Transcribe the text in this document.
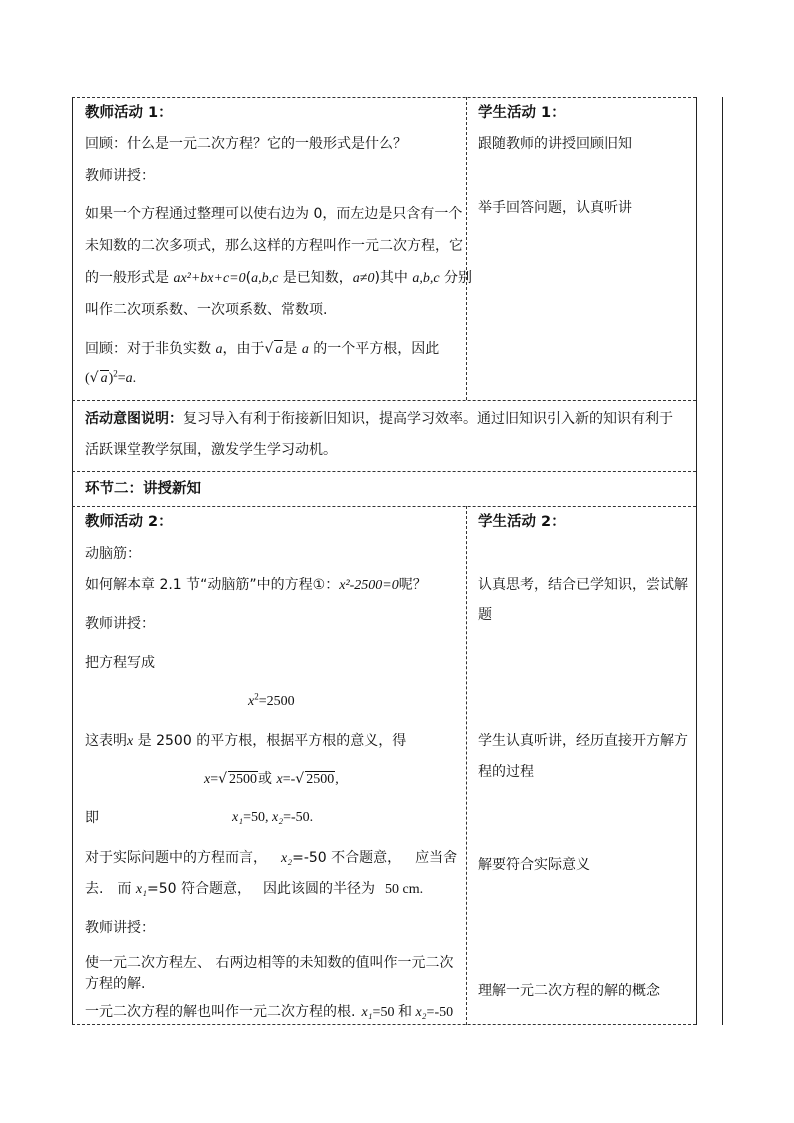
教师活动 1：
回顾：什么是一元二次方程？它的一般形式是什么？
教师讲授：
如果一个方程通过整理可以使右边为 0，而左边是只含有一个
未知数的二次多项式，那么这样的方程叫作一元二次方程，它
的一般形式是 ax²+bx+c=0(a,b,c 是已知数，a≠0)其中 a,b,c 分别
叫作二次项系数、一次项系数、常数项.
回顾：对于非负实数 a，由于√ a是 a 的一个平方根，因此
(√ a)$^2$=a.
学生活动 1：
跟随教师的讲授回顾旧知
举手回答问题，认真听讲
活动意图说明：复习导入有利于衔接新旧知识，提高学习效率。通过旧知识引入新的知识有利于
活跃课堂教学氛围，激发学生学习动机。
环节二：讲授新知
教师活动 2：
动脑筋：
如何解本章 2.1 节“动脑筋”中的方程①：x²-2500=0呢？
教师讲授：
把方程写成
$x^2=2500$
这表明x 是 2500 的平方根，根据平方根的意义，得
x=√ 2500或 x=-√ 2500,
即	x₁=50, x₂=-50.
对于实际问题中的方程而言， x₂=-50 不合题意， 应当舍
去. 而 x₁=50 符合题意， 因此该圆的半径为 50 cm.
教师讲授：
使一元二次方程左、 右两边相等的未知数的值叫作一元二次
方程的解.
一元二次方程的解也叫作一元二次方程的根. x₁=50 和 x₂=-50
学生活动 2：
认真思考，结合已学知识，尝试解
题
学生认真听讲，经历直接开方解方
程的过程
解要符合实际意义
理解一元二次方程的解的概念
